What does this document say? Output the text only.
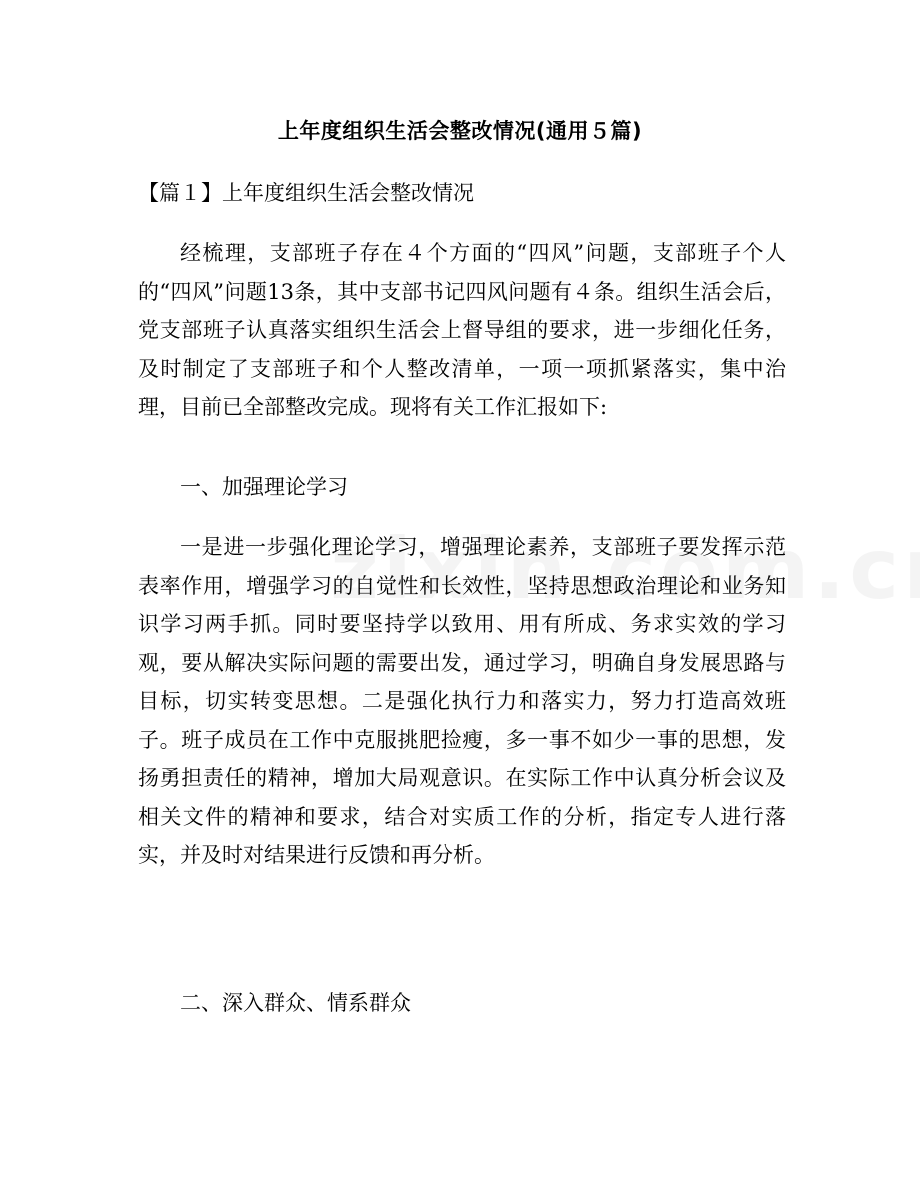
上年度组织生活会整改情况(通用５篇)

【篇１】上年度组织生活会整改情况

经梳理，支部班子存在４个方面的“四风”问题，支部班子个人的“四风”问题13条，其中支部书记四风问题有４条。组织生活会后，党支部班子认真落实组织生活会上督导组的要求，进一步细化任务，及时制定了支部班子和个人整改清单，一项一项抓紧落实，集中治理，目前已全部整改完成。现将有关工作汇报如下:

一、加强理论学习

一是进一步强化理论学习，增强理论素养，支部班子要发挥示范表率作用，增强学习的自觉性和长效性，坚持思想政治理论和业务知识学习两手抓。同时要坚持学以致用、用有所成、务求实效的学习观，要从解决实际问题的需要出发，通过学习，明确自身发展思路与目标，切实转变思想。二是强化执行力和落实力，努力打造高效班子。班子成员在工作中克服挑肥捡瘦，多一事不如少一事的思想，发扬勇担责任的精神，增加大局观意识。在实际工作中认真分析会议及相关文件的精神和要求，结合对实质工作的分析，指定专人进行落实，并及时对结果进行反馈和再分析。

二、深入群众、情系群众
